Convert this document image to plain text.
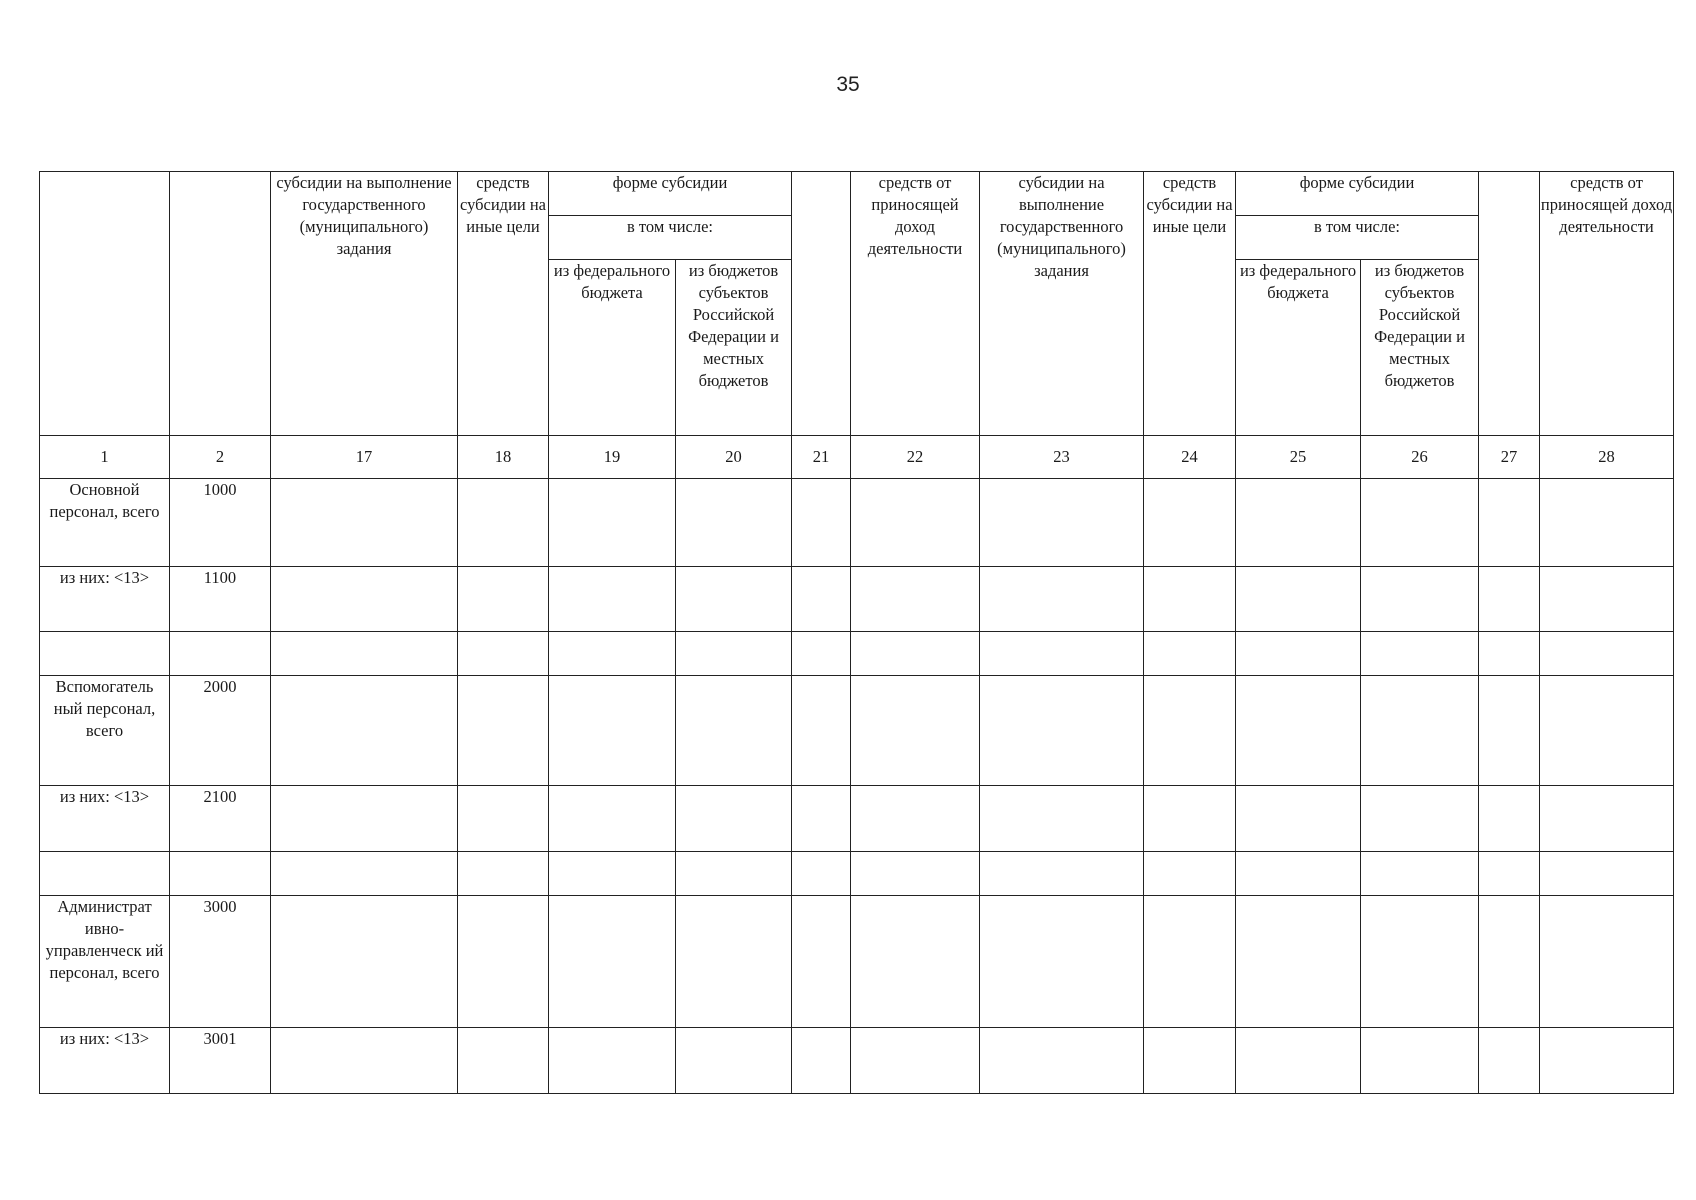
35
		субсидии на выполнение государственного (муниципального) задания	средств субсидии на иные цели	форме субсидии			средств от приносящей доход деятельности	субсидии на выполнение государственного (муниципального) задания	средств субсидии на иные цели	форме субсидии			средств от приносящей доход деятельности
				в том числе:						в том числе:			
				из федерального бюджета	из бюджетов субъектов Российской Федерации и местных бюджетов					из федерального бюджета	из бюджетов субъектов Российской Федерации и местных бюджетов		
1	2	17	18	19	20	21	22	23	24	25	26	27	28
Основной персонал, всего	1000												
из них: <13>	1100												

Вспомогатель ный персонал, всего	2000												
из них: <13>	2100												

Администрат ивно- управленческ ий персонал, всего	3000												
из них: <13>	3001												
